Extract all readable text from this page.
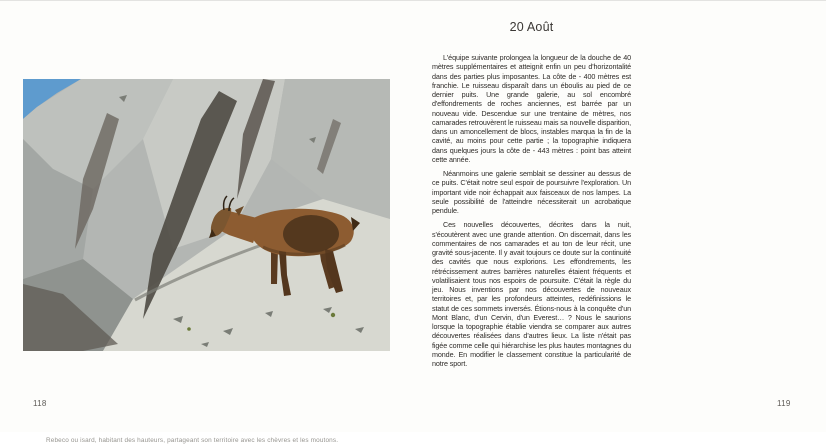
Rebeco ou isard, habitant des hauteurs, partageant son territoire avec les chèvres et les moutons.
118
20 Août

L'équipe suivante prolongea la longueur de la douche de 40 mètres supplémentaires et atteignit enfin un peu d'horizontalité dans des parties plus imposantes. La côte de - 400 mètres est franchie. Le ruisseau disparaît dans un éboulis au pied de ce dernier puits. Une grande galerie, au sol encombré d'effondrements de roches anciennes, est barrée par un nouveau vide. Descendue sur une trentaine de mètres, nos camarades retrouvèrent le ruisseau mais sa nouvelle disparition, dans un amoncellement de blocs, instables marqua la fin de la cavité, au moins pour cette partie ; la topographie indiquera dans quelques jours la côte de - 443 mètres : point bas atteint cette année.

Néanmoins une galerie semblait se dessiner au dessus de ce puits. C'était notre seul espoir de poursuivre l'exploration. Un important vide noir échappait aux faisceaux de nos lampes. La seule possibilité de l'atteindre nécessiterait un acrobatique pendule.

Ces nouvelles découvertes, décrites dans la nuit, s'écoutèrent avec une grande attention. On discernait, dans les commentaires de nos camarades et au ton de leur récit, une gravité sous-jacente. Il y avait toujours ce doute sur la continuité des cavités que nous explorions. Les effondrements, les rétrécissement autres barrières naturelles étaient fréquents et volatilisaient tous nos espoirs de poursuite. C'était la règle du jeu. Nous inventions par nos découvertes de nouveaux territoires et, par les profondeurs atteintes, redéfinissions le statut de ces sommets inversés. Étions-nous à la conquête d'un Mont Blanc, d'un Cervin, d'un Everest… ? Nous le saurions lorsque la topographie établie viendra se comparer aux autres découvertes réalisées dans d'autres lieux. La liste n'était pas figée comme celle qui hiérarchise les plus hautes montagnes du monde. En modifier le classement constitue la particularité de notre sport.

119
